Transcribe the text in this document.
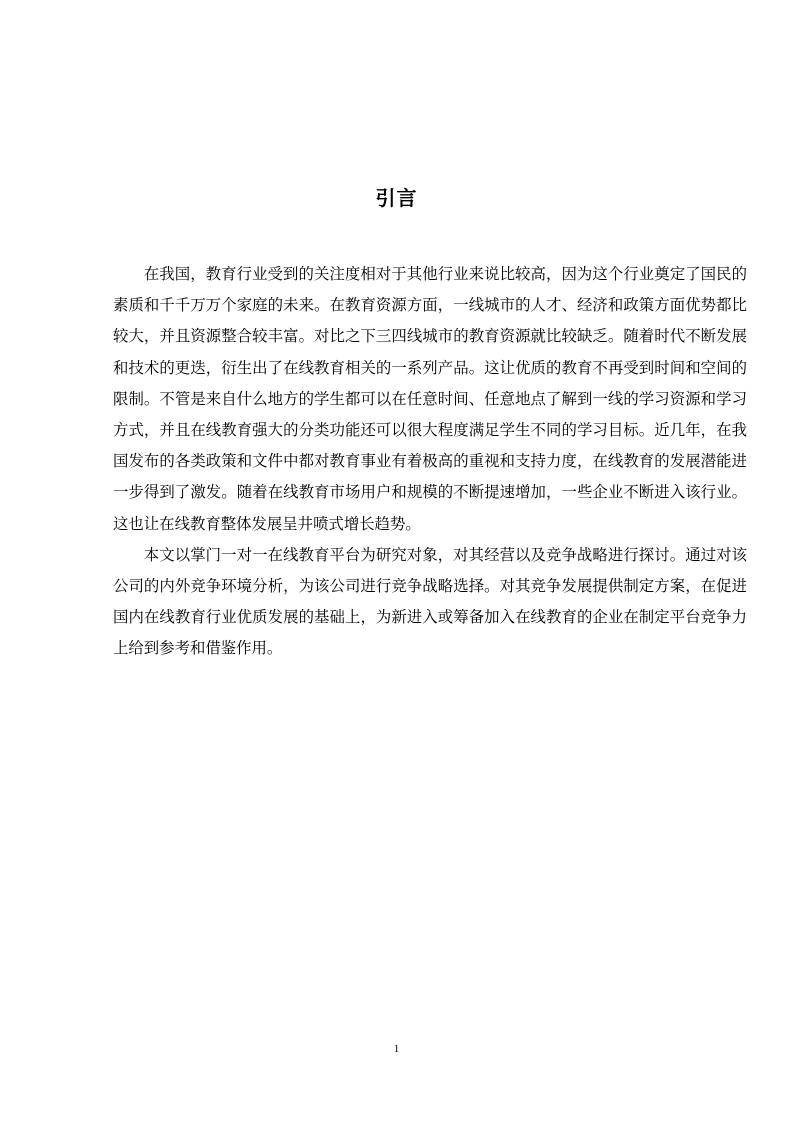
引言

在我国，教育行业受到的关注度相对于其他行业来说比较高，因为这个行业奠定了国民的素质和千千万万个家庭的未来。在教育资源方面，一线城市的人才、经济和政策方面优势都比较大，并且资源整合较丰富。对比之下三四线城市的教育资源就比较缺乏。随着时代不断发展和技术的更迭，衍生出了在线教育相关的一系列产品。这让优质的教育不再受到时间和空间的限制。不管是来自什么地方的学生都可以在任意时间、任意地点了解到一线的学习资源和学习方式，并且在线教育强大的分类功能还可以很大程度满足学生不同的学习目标。近几年，在我国发布的各类政策和文件中都对教育事业有着极高的重视和支持力度，在线教育的发展潜能进一步得到了激发。随着在线教育市场用户和规模的不断提速增加，一些企业不断进入该行业。这也让在线教育整体发展呈井喷式增长趋势。

本文以掌门一对一在线教育平台为研究对象，对其经营以及竞争战略进行探讨。通过对该公司的内外竞争环境分析，为该公司进行竞争战略选择。对其竞争发展提供制定方案，在促进国内在线教育行业优质发展的基础上，为新进入或筹备加入在线教育的企业在制定平台竞争力上给到参考和借鉴作用。

1
